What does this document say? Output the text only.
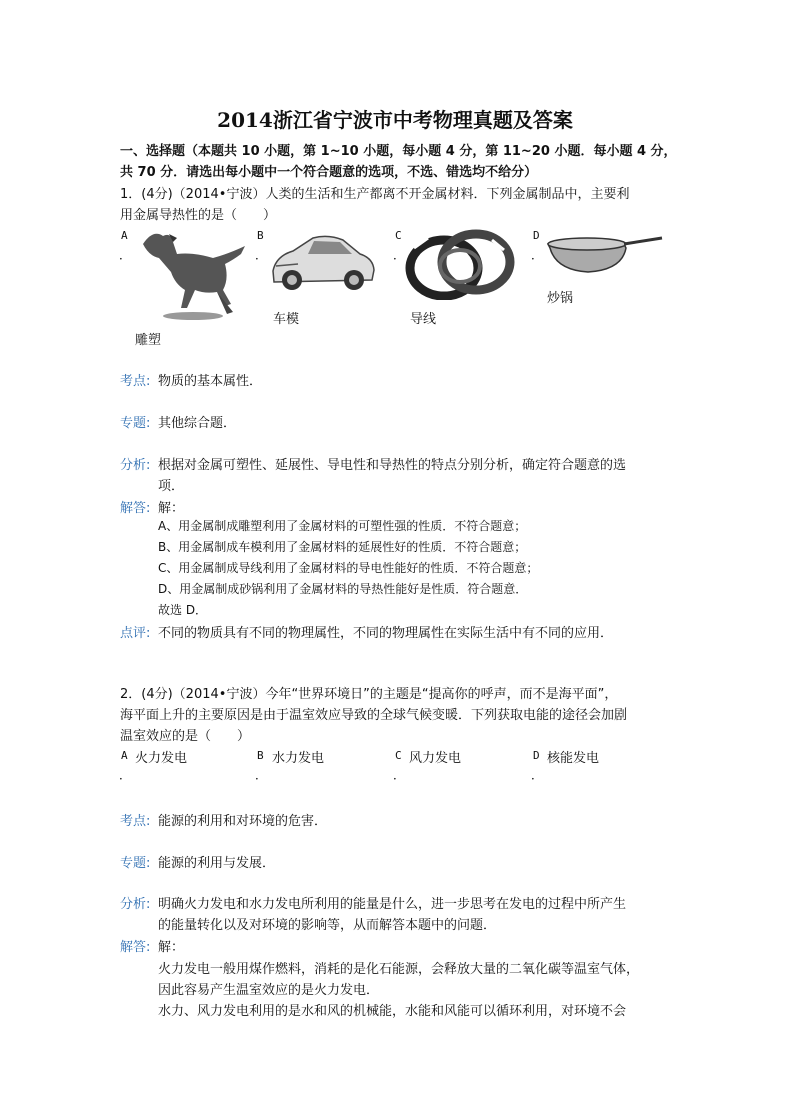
2014浙江省宁波市中考物理真题及答案
一、选择题（本题共 10 小题，第 1~10 小题，每小题 4 分，第 11~20 小题．每小题 4 分，
共 70 分．请选出每小题中一个符合题意的选项，不选、错选均不给分）
1．(4分)（2014•宁波）人类的生活和生产都离不开金属材料．下列金属制品中，主要利
用金属导热性的是（　　）
A
．
雕塑
B
．
车模
C
．
导线
D
．
炒锅
考点: 物质的基本属性．
专题: 其他综合题．
分析: 根据对金属可塑性、延展性、导电性和导热性的特点分别分析，确定符合题意的选
项．
解答: 解：
A、用金属制成雕塑利用了金属材料的可塑性强的性质．不符合题意；
B、用金属制成车模利用了金属材料的延展性好的性质．不符合题意；
C、用金属制成导线利用了金属材料的导电性能好的性质．不符合题意；
D、用金属制成砂锅利用了金属材料的导热性能好是性质．符合题意．
故选 D．
点评: 不同的物质具有不同的物理属性，不同的物理属性在实际生活中有不同的应用．
2．(4分)（2014•宁波）今年“世界环境日”的主题是“提高你的呼声，而不是海平面”，
海平面上升的主要原因是由于温室效应导致的全球气候变暖．下列获取电能的途径会加剧
温室效应的是（　　）
A 火力发电
．
B 水力发电
．
C 风力发电
．
D 核能发电
．
考点: 能源的利用和对环境的危害．
专题: 能源的利用与发展．
分析: 明确火力发电和水力发电所利用的能量是什么，进一步思考在发电的过程中所产生
的能量转化以及对环境的影响等，从而解答本题中的问题．
解答: 解：
火力发电一般用煤作燃料，消耗的是化石能源，会释放大量的二氧化碳等温室气体，
因此容易产生温室效应的是火力发电．
水力、风力发电利用的是水和风的机械能，水能和风能可以循环利用，对环境不会
